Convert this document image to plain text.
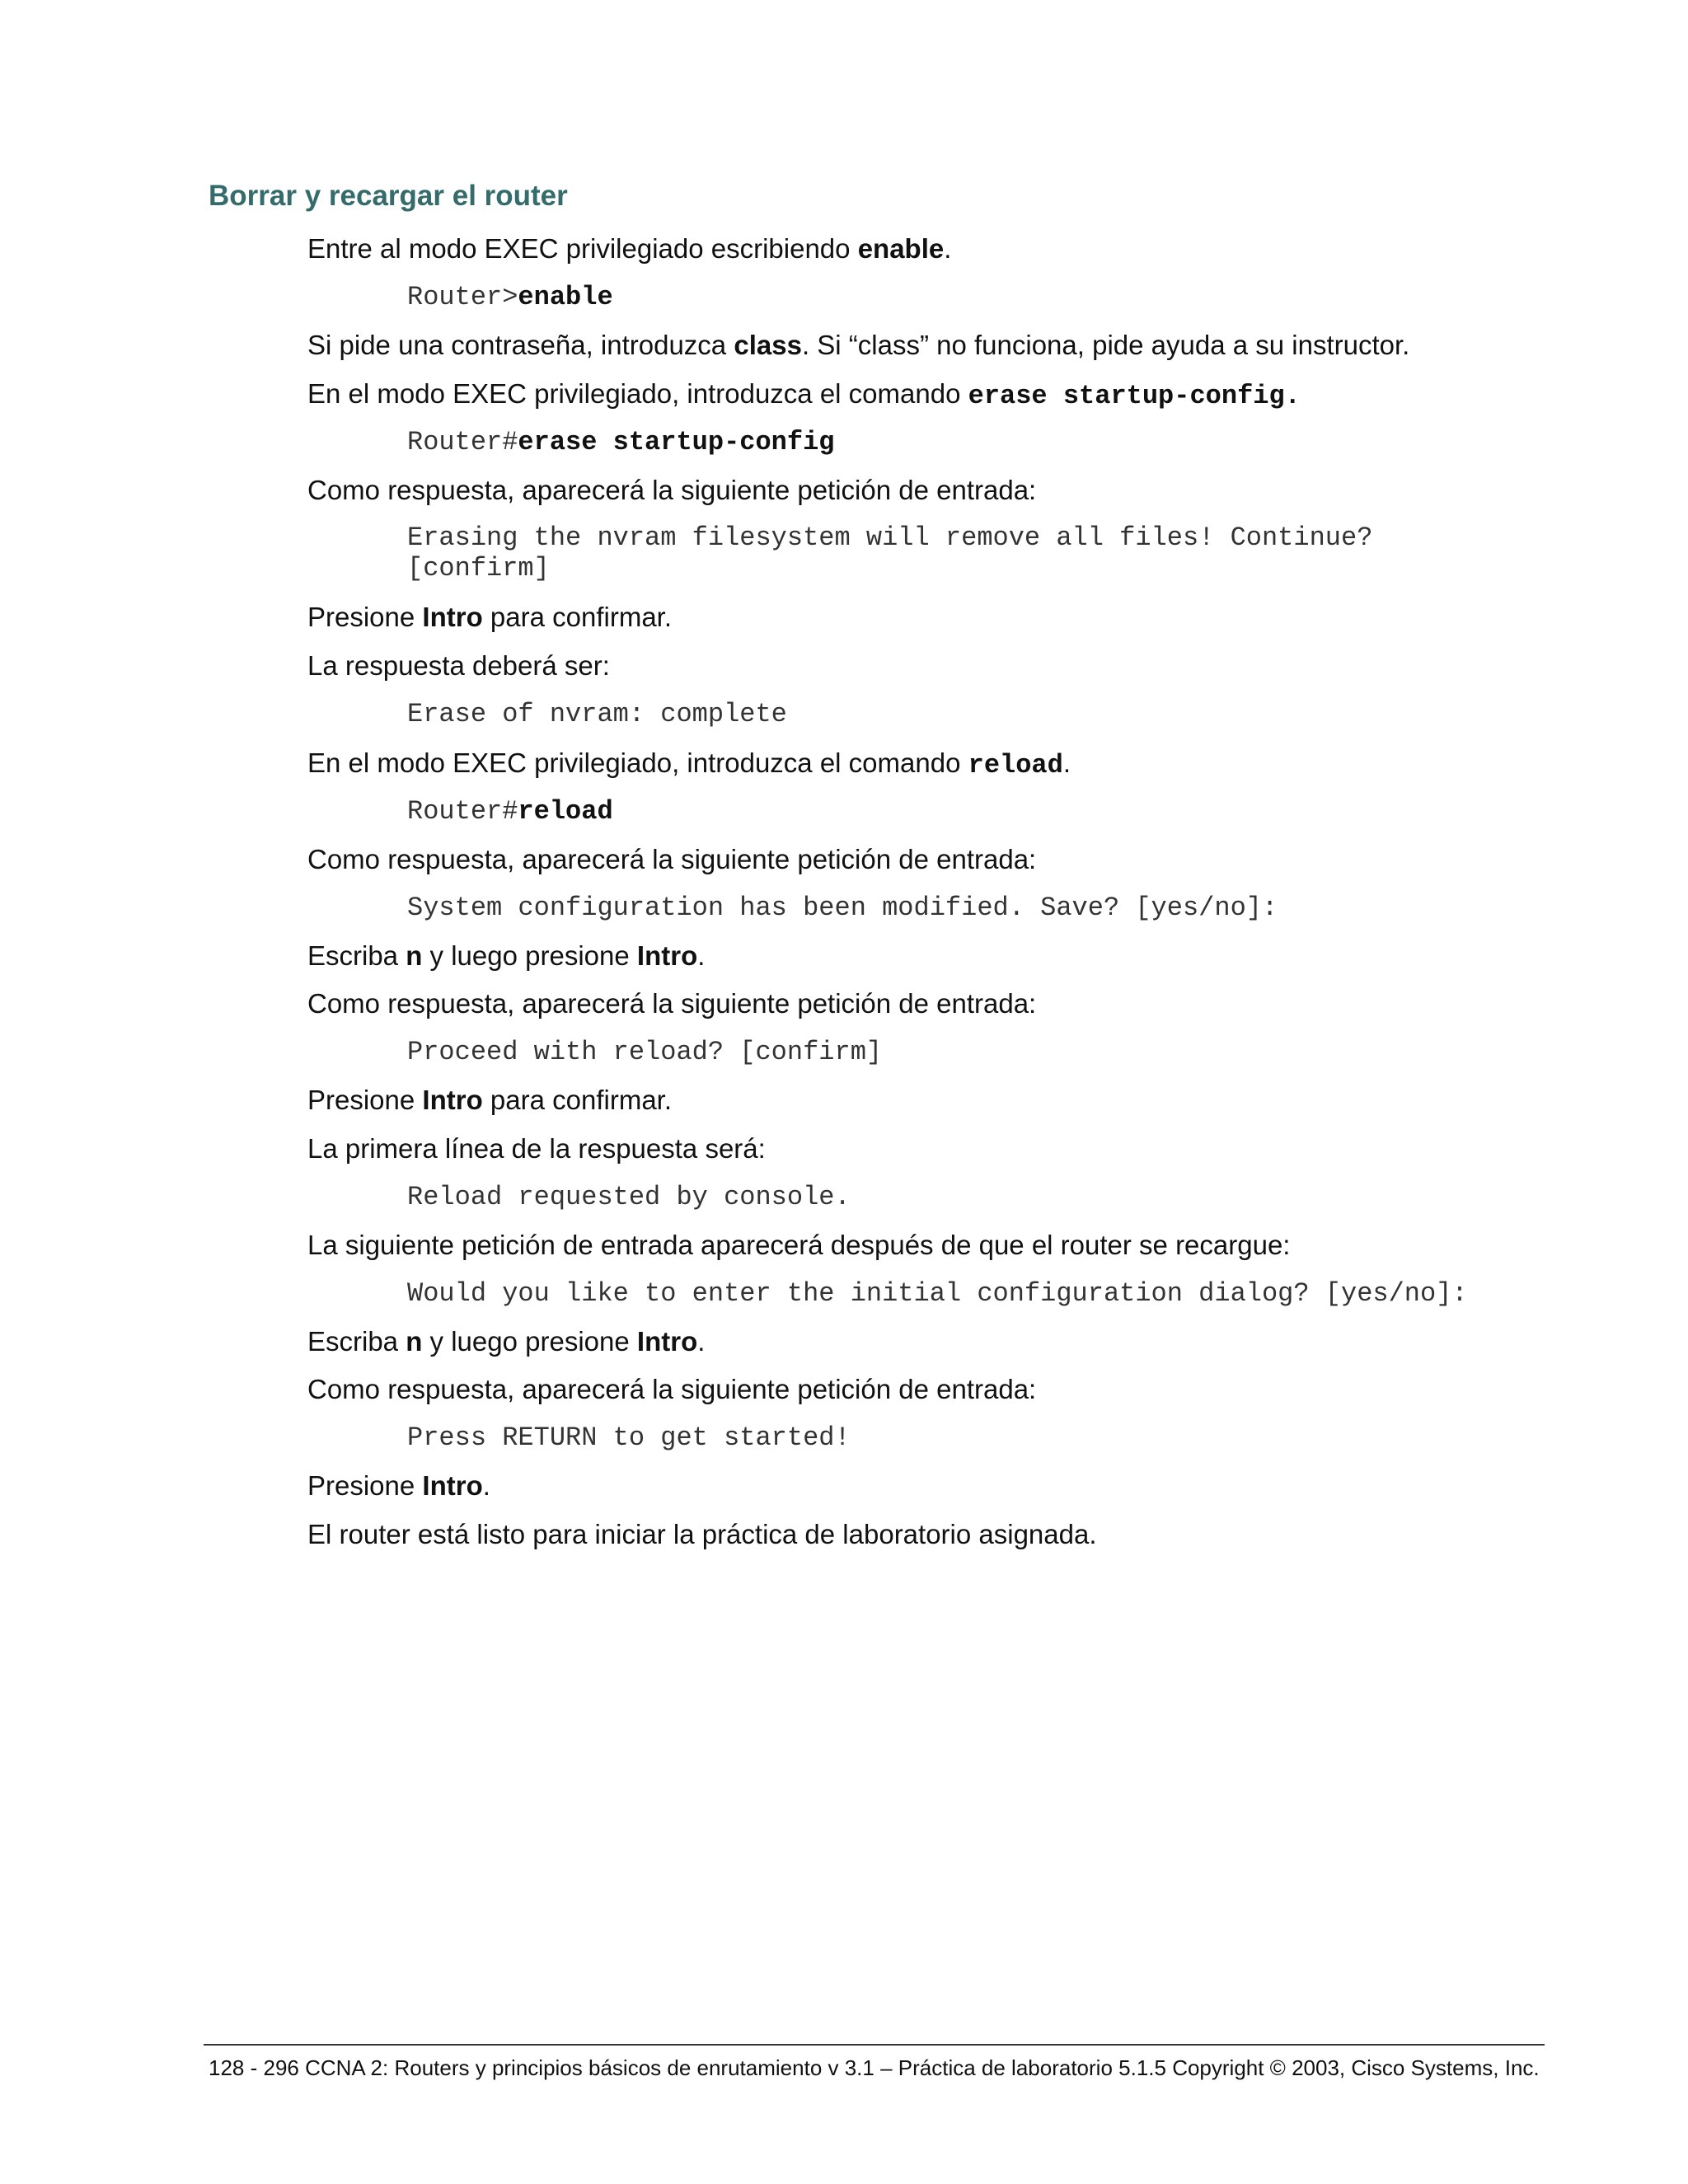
Borrar y recargar el router
Entre al modo EXEC privilegiado escribiendo enable.
Router>enable
Si pide una contraseña, introduzca class. Si “class” no funciona, pide ayuda a su instructor.
En el modo EXEC privilegiado, introduzca el comando erase startup-config.
Router#erase startup-config
Como respuesta, aparecerá la siguiente petición de entrada:
Erasing the nvram filesystem will remove all files! Continue?
[confirm]
Presione Intro para confirmar.
La respuesta deberá ser:
Erase of nvram: complete
En el modo EXEC privilegiado, introduzca el comando reload.
Router#reload
Como respuesta, aparecerá la siguiente petición de entrada:
System configuration has been modified. Save? [yes/no]:
Escriba n y luego presione Intro.
Como respuesta, aparecerá la siguiente petición de entrada:
Proceed with reload? [confirm]
Presione Intro para confirmar.
La primera línea de la respuesta será:
Reload requested by console.
La siguiente petición de entrada aparecerá después de que el router se recargue:
Would you like to enter the initial configuration dialog? [yes/no]:
Escriba n y luego presione Intro.
Como respuesta, aparecerá la siguiente petición de entrada:
Press RETURN to get started!
Presione Intro.
El router está listo para iniciar la práctica de laboratorio asignada.
128 - 296 CCNA 2: Routers y principios básicos de enrutamiento v 3.1 – Práctica de laboratorio 5.1.5 Copyright © 2003, Cisco Systems, Inc.
